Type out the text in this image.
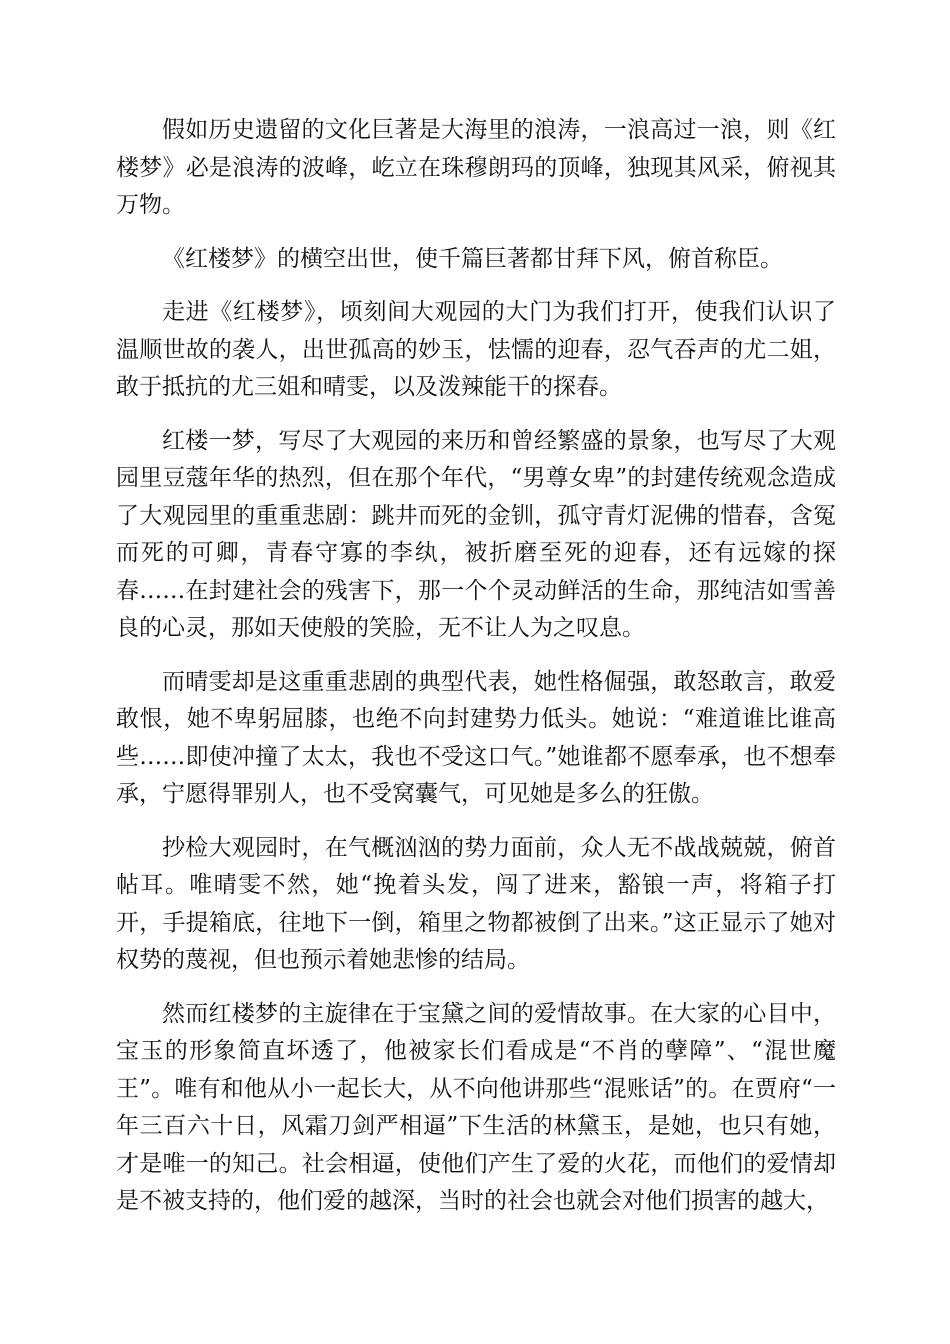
假如历史遗留的文化巨著是大海里的浪涛，一浪高过一浪，则《红楼梦》必是浪涛的波峰，屹立在珠穆朗玛的顶峰，独现其风采，俯视其万物。

《红楼梦》的横空出世，使千篇巨著都甘拜下风，俯首称臣。

走进《红楼梦》，顷刻间大观园的大门为我们打开，使我们认识了温顺世故的袭人，出世孤高的妙玉，怯懦的迎春，忍气吞声的尤二姐，敢于抵抗的尤三姐和晴雯，以及泼辣能干的探春。

红楼一梦，写尽了大观园的来历和曾经繁盛的景象，也写尽了大观园里豆蔻年华的热烈，但在那个年代，“男尊女卑”的封建传统观念造成了大观园里的重重悲剧：跳井而死的金钏，孤守青灯泥佛的惜春，含冤而死的可卿，青春守寡的李纨，被折磨至死的迎春，还有远嫁的探春……在封建社会的残害下，那一个个灵动鲜活的生命，那纯洁如雪善良的心灵，那如天使般的笑脸，无不让人为之叹息。

而晴雯却是这重重悲剧的典型代表，她性格倔强，敢怒敢言，敢爱敢恨，她不卑躬屈膝，也绝不向封建势力低头。她说：“难道谁比谁高些……即使冲撞了太太，我也不受这口气。”她谁都不愿奉承，也不想奉承，宁愿得罪别人，也不受窝囊气，可见她是多么的狂傲。

抄检大观园时，在气概汹汹的势力面前，众人无不战战兢兢，俯首帖耳。唯晴雯不然，她“挽着头发，闯了进来，豁锒一声，将箱子打开，手提箱底，往地下一倒，箱里之物都被倒了出来。”这正显示了她对权势的蔑视，但也预示着她悲惨的结局。

然而红楼梦的主旋律在于宝黛之间的爱情故事。在大家的心目中，宝玉的形象简直坏透了，他被家长们看成是“不肖的孽障”、“混世魔王”。唯有和他从小一起长大，从不向他讲那些“混账话”的。在贾府“一年三百六十日，风霜刀剑严相逼”下生活的林黛玉，是她，也只有她，才是唯一的知己。社会相逼，使他们产生了爱的火花，而他们的爱情却是不被支持的，他们爱的越深，当时的社会也就会对他们损害的越大，
